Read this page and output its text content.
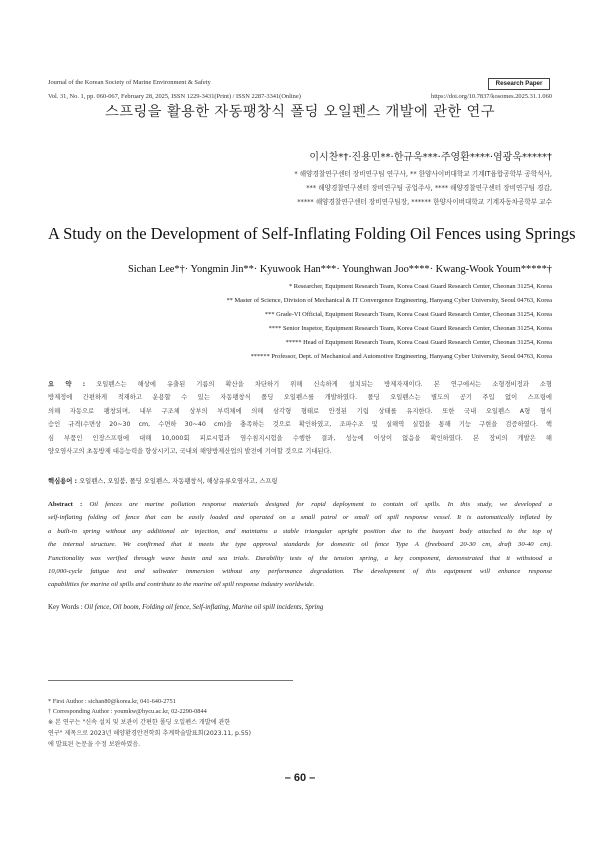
Journal of the Korean Society of Marine Environment & Safety	Research Paper
Vol. 31, No. 1, pp. 060-067, February 28, 2025, ISSN 1229-3431(Print) / ISSN 2287-3341(Online)	https://doi.org/10.7837/kosomes.2025.31.1.060
스프링을 활용한 자동팽창식 폴딩 오일펜스 개발에 관한 연구
이시찬*†·진용민**·한규욱***·주영환****·염광욱*****†
* 해양경찰연구센터 장비연구팀 연구사, ** 한양사이버대학교 기계IT융합공학부 공학석사,
*** 해양경찰연구센터 장비연구팀 공업주사, **** 해양경찰연구센터 장비연구팀 경감,
***** 해양경찰연구센터 장비연구팀장, ****** 한양사이버대학교 기계자동차공학부 교수
A Study on the Development of Self-Inflating Folding Oil Fences using Springs
Sichan Lee*†· Yongmin Jin**· Kyuwook Han***· Younghwan Joo****· Kwang-Wook Youm*****†
* Researcher, Equipment Research Team, Korea Coast Guard Research Center, Cheonan 31254, Korea
** Master of Science, Division of Mechanical & IT Convergence Engineering, Hanyang Cyber University, Seoul 04763, Korea
*** Grade-VI Official, Equipment Research Team, Korea Coast Guard Research Center, Cheonan 31254, Korea
**** Senior Inspetor, Equipment Research Team, Korea Coast Guard Research Center, Cheonan 31254, Korea
***** Head of Equipment Research Team, Korea Coast Guard Research Center, Cheonan 31254, Korea
****** Professor, Dept. of Mechanical and Automotive Engineering, Hanyang Cyber University, Seoul 04763, Korea
요 약 : 오일펜스는 해상에 유출된 기름의 확산을 차단하기 위해 신속하게 설치되는 방제자재이다. 본 연구에서는 소형경비정과 소형
방제정에 간편하게 적재하고 운용할 수 있는 자동팽창식 폴딩 오일펜스를 개발하였다. 폴딩 오일펜스는 별도의 공기 주입 없이 스프링에
의해 자동으로 팽창되며, 내부 구조체 상부의 부력체에 의해 삼각형 형태로 안정된 기립 상태를 유지한다. 또한 국내 오일펜스 A형 형식
승인 규격(수면상 20~30 cm, 수면하 30~40 cm)을 충족하는 것으로 확인하였고, 조파수조 및 실해역 실험을 통해 기능 구현을 검증하였다. 핵
심 부품인 인장스프링에 대해 10,000회 피로시험과 염수침지시험을 수행한 결과, 성능에 이상이 없음을 확인하였다. 본 장비의 개발은 해
양오염사고의 초동방제 대응능력을 향상시키고, 국내외 해양방제산업의 발전에 기여할 것으로 기대된다.
핵심용어 : 오일펜스, 오일붐, 폴딩 오일펜스, 자동팽창식, 해상유류오염사고, 스프링
Abstract : Oil fences are marine pollution response materials designed for rapid deployment to contain oil spills. In this study, we developed a
self-inflating folding oil fence that can be easily loaded and operated on a small patrol or small oil spill response vessel. It is automatically inflated by
a built-in spring without any additional air injection, and maintains a stable triangular upright position due to the buoyant body attached to the top of
the internal structure. We confirmed that it meets the type approval standards for domestic oil fence Type A (freeboard 20-30 cm, draft 30-40 cm).
Functionality was verified through wave basin and sea trials. Durability tests of the tension spring, a key component, demonstrated that it withstood a
10,000-cycle fatigue test and saltwater immersion without any performance degradation. The development of this equipment will enhance response
capabilities for marine oil spills and contribute to the marine oil spill response industry worldwide.
Key Words : Oil fence, Oil boom, Folding oil fence, Self-inflating, Marine oil spill incidents, Spring
* First Author : sichan80@korea.kr, 041-640-2751
† Corresponding Author : youmkw@hycu.ac.kr, 02-2290-0844
※ 본 연구는 "신속 설치 및 보관이 간편한 폴딩 오일펜스 개발에 관한
연구" 제목으로 2023년 해양환경안전학회 추계학술발표회(2023.11, p.55)
에 발표된 논문을 수정 보완하였음.
– 60 –
